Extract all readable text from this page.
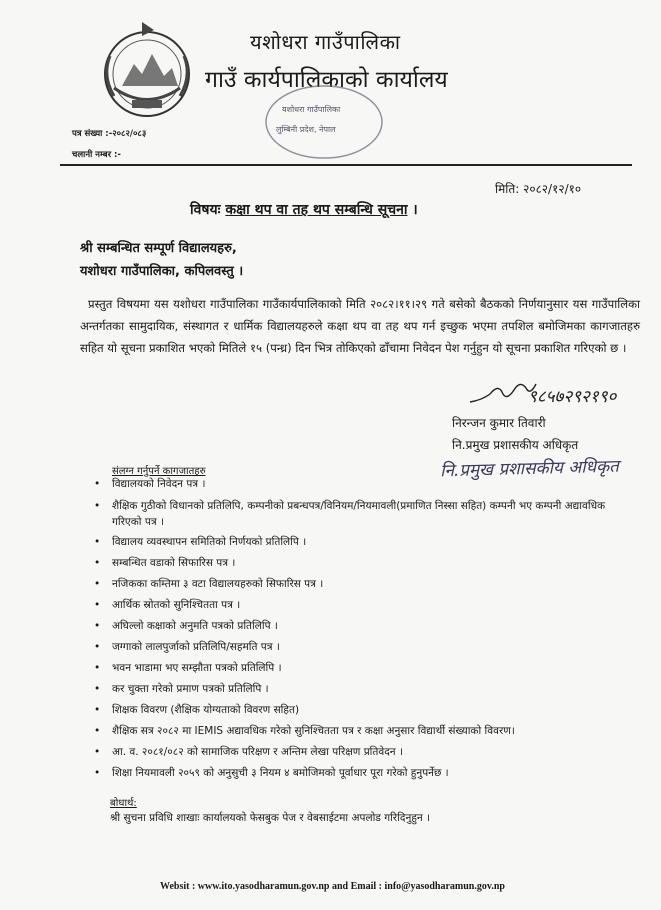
यशोधरा गाउँपालिका
गाउँ कार्यपालिकाको कार्यालय
यशोधरा गाउँपालिका
लुम्बिनी प्रदेश, नेपाल
पत्र संख्या :-२०८२/०८३
चलानी नम्बर :-
मिति: २०८२/१२/१०
विषयः कक्षा थप वा तह थप सम्बन्धि सूचना ।
श्री सम्बन्धित सम्पूर्ण विद्यालयहरु,
यशोधरा गाउँपालिका, कपिलवस्तु ।
प्रस्तुत विषयमा यस यशोधरा गाउँपालिका गाउँकार्यपालिकाको मिति २०८२।११।२९ गते बसेको बैठकको निर्णयानुसार यस गाउँपालिका अन्तर्गतका सामुदायिक, संस्थागत र धार्मिक विद्यालयहरुले कक्षा थप वा तह थप गर्न इच्छुक भएमा तपशिल बमोजिमका कागजातहरु सहित यो सूचना प्रकाशित भएको मितिले १५ (पन्ध्र) दिन भित्र तोकिएको ढाँचामा निवेदन पेश गर्नुहुन यो सूचना प्रकाशित गरिएको छ ।
९८५७२९२१९०
निरन्जन कुमार तिवारी
नि.प्रमुख प्रशासकीय अधिकृत
नि.प्रमुख प्रशासकीय अधिकृत
संलग्न गर्नुपर्ने कागजातहरु
• विद्यालयको निवेदन पत्र ।
• शैक्षिक गुठीको विधानको प्रतिलिपि, कम्पनीको प्रबन्धपत्र/विनियम/नियमावली(प्रमाणित निस्सा सहित) कम्पनी भए कम्पनी अद्यावधिक गरिएको पत्र ।
• विद्यालय व्यवस्थापन समितिको निर्णयको प्रतिलिपि ।
• सम्बन्धित वडाको सिफारिस पत्र ।
• नजिकका कम्तिमा ३ वटा विद्यालयहरुको सिफारिस पत्र ।
• आर्थिक स्रोतको सुनिश्चितता पत्र ।
• अघिल्लो कक्षाको अनुमति पत्रको प्रतिलिपि ।
• जग्गाको लालपुर्जाको प्रतिलिपि/सहमति पत्र ।
• भवन भाडामा भए सम्झौता पत्रको प्रतिलिपि ।
• कर चुक्ता गरेको प्रमाण पत्रको प्रतिलिपि ।
• शिक्षक विवरण (शैक्षिक योग्यताको विवरण सहित)
• शैक्षिक सत्र २०८२ मा IEMIS अद्यावधिक गरेको सुनिश्चितता पत्र र कक्षा अनुसार विद्यार्थी संख्याको विवरण।
• आ. व. २०८१/०८२ को सामाजिक परिक्षण र अन्तिम लेखा परिक्षण प्रतिवेदन ।
• शिक्षा नियमावली २०५९ को अनुसुची ३ नियम ४ बमोजिमको पूर्वाधार पूरा गरेको हुनुपर्नेछ ।
बोधार्थ:
श्री सुचना प्रविधि शाखाः कार्यालयको फेसबुक पेज र वेबसाईटमा अपलोड गरिदिनुहुन ।
Websit : www.ito.yasodharamun.gov.np and Email : info@yasodharamun.gov.np
